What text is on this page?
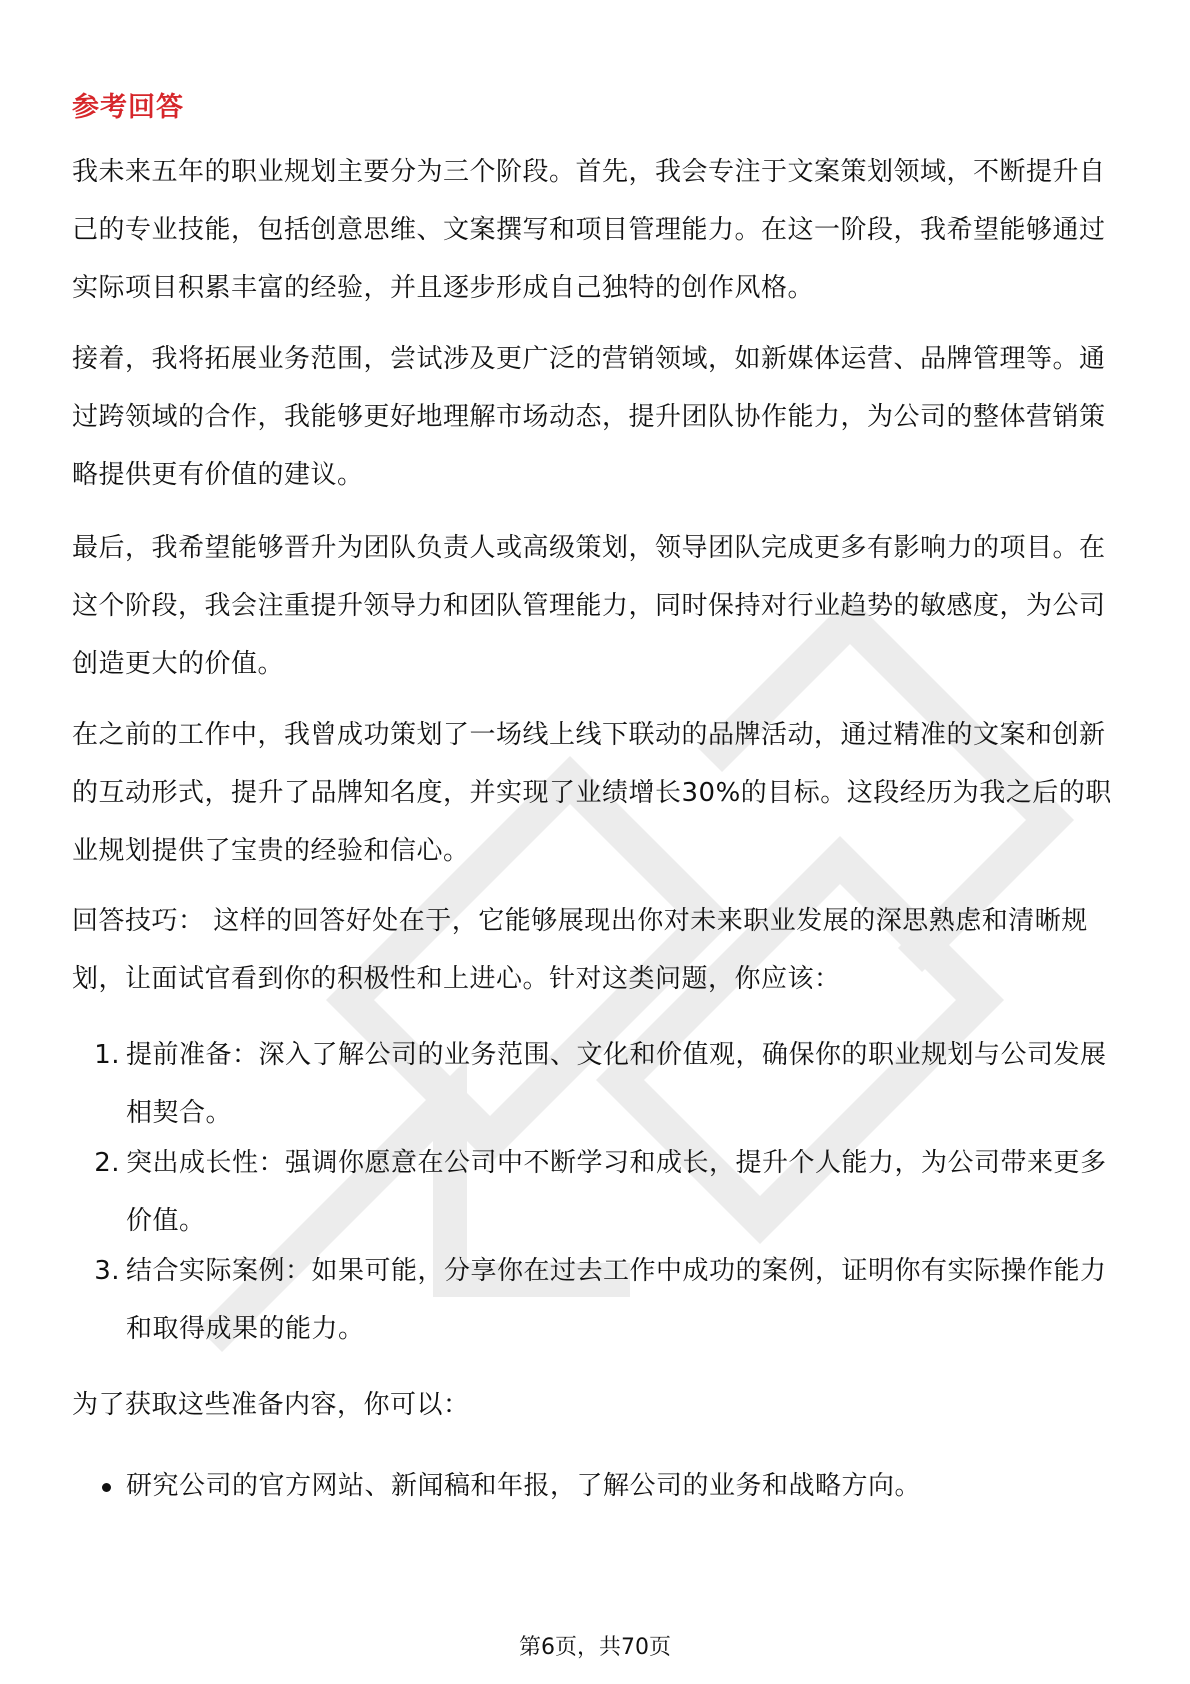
参考回答

我未来五年的职业规划主要分为三个阶段。首先，我会专注于文案策划领域，不断提升自己的专业技能，包括创意思维、文案撰写和项目管理能力。在这一阶段，我希望能够通过实际项目积累丰富的经验，并且逐步形成自己独特的创作风格。

接着，我将拓展业务范围，尝试涉及更广泛的营销领域，如新媒体运营、品牌管理等。通过跨领域的合作，我能够更好地理解市场动态，提升团队协作能力，为公司的整体营销策略提供更有价值的建议。

最后，我希望能够晋升为团队负责人或高级策划，领导团队完成更多有影响力的项目。在这个阶段，我会注重提升领导力和团队管理能力，同时保持对行业趋势的敏感度，为公司创造更大的价值。

在之前的工作中，我曾成功策划了一场线上线下联动的品牌活动，通过精准的文案和创新的互动形式，提升了品牌知名度，并实现了业绩增长30%的目标。这段经历为我之后的职业规划提供了宝贵的经验和信心。

回答技巧： 这样的回答好处在于，它能够展现出你对未来职业发展的深思熟虑和清晰规划，让面试官看到你的积极性和上进心。针对这类问题，你应该：

1. 提前准备：深入了解公司的业务范围、文化和价值观，确保你的职业规划与公司发展相契合。
2. 突出成长性：强调你愿意在公司中不断学习和成长，提升个人能力，为公司带来更多价值。
3. 结合实际案例：如果可能，分享你在过去工作中成功的案例，证明你有实际操作能力和取得成果的能力。

为了获取这些准备内容，你可以：

研究公司的官方网站、新闻稿和年报，了解公司的业务和战略方向。

第6页，共70页
